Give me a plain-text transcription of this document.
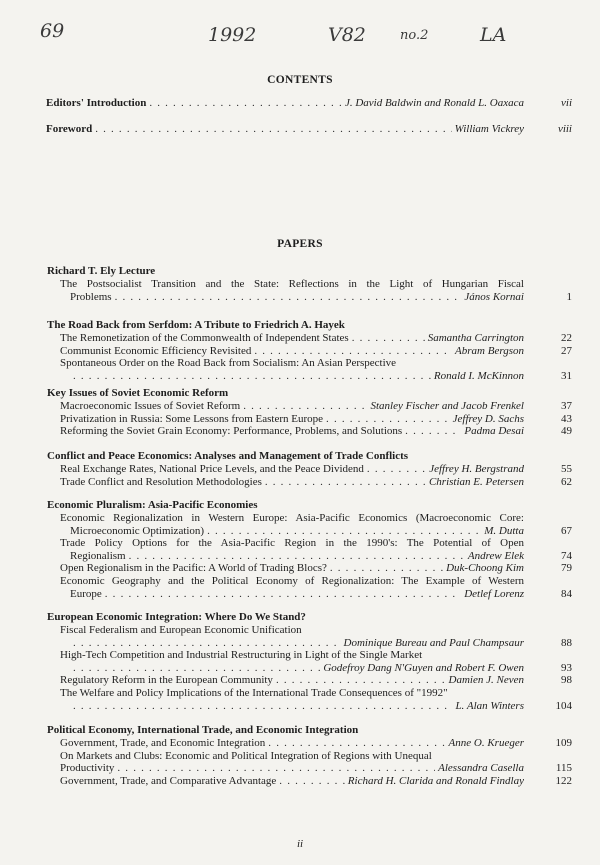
69	1992	V82	no.2	LA
CONTENTS
Editors' Introduction . . .	J. David Baldwin and Ronald L. Oaxaca	vii
Foreword . . .	William Vickrey	viii
PAPERS
Richard T. Ely Lecture
The Postsocialist Transition and the State: Reflections in the Light of Hungarian Fiscal
Problems . . .	János Kornai	1
The Road Back from Serfdom: A Tribute to Friedrich A. Hayek
The Remonetization of the Commonwealth of Independent States . . .	Samantha Carrington	22
Communist Economic Efficiency Revisited . . .	Abram Bergson	27
Spontaneous Order on the Road Back from Socialism: An Asian Perspective
. . .
Ronald I. McKinnon	31
Key Issues of Soviet Economic Reform
Macroeconomic Issues of Soviet Reform . . .	Stanley Fischer and Jacob Frenkel	37
Privatization in Russia: Some Lessons from Eastern Europe . . .	Jeffrey D. Sachs	43
Reforming the Soviet Grain Economy: Performance, Problems, and Solutions . . .	Padma Desai	49
Conflict and Peace Economics: Analyses and Management of Trade Conflicts
Real Exchange Rates, National Price Levels, and the Peace Dividend . . .	Jeffrey H. Bergstrand	55
Trade Conflict and Resolution Methodologies . . .	Christian E. Petersen	62
Economic Pluralism: Asia-Pacific Economies
Economic Regionalization in Western Europe: Asia-Pacific Economics (Macroeconomic Core:
Microeconomic Optimization) . . .	M. Dutta	67
Trade Policy Options for the Asia-Pacific Region in the 1990's: The Potential of Open
Regionalism . . .	Andrew Elek	74
Open Regionalism in the Pacific: A World of Trading Blocs? . . .	Duk-Choong Kim	79
Economic Geography and the Political Economy of Regionalization: The Example of Western
Europe . . .	Detlef Lorenz	84
European Economic Integration: Where Do We Stand?
Fiscal Federalism and European Economic Unification
. . .
Dominique Bureau and Paul Champsaur	88
High-Tech Competition and Industrial Restructuring in Light of the Single Market
. . .
Godefroy Dang N'Guyen and Robert F. Owen	93
Regulatory Reform in the European Community . . .	Damien J. Neven	98
The Welfare and Policy Implications of the International Trade Consequences of "1992"
. . .
L. Alan Winters	104
Political Economy, International Trade, and Economic Integration
Government, Trade, and Economic Integration . . .	Anne O. Krueger	109
On Markets and Clubs: Economic and Political Integration of Regions with Unequal
Productivity . . .	Alessandra Casella	115
Government, Trade, and Comparative Advantage . . .	Richard H. Clarida and Ronald Findlay	122
ii
